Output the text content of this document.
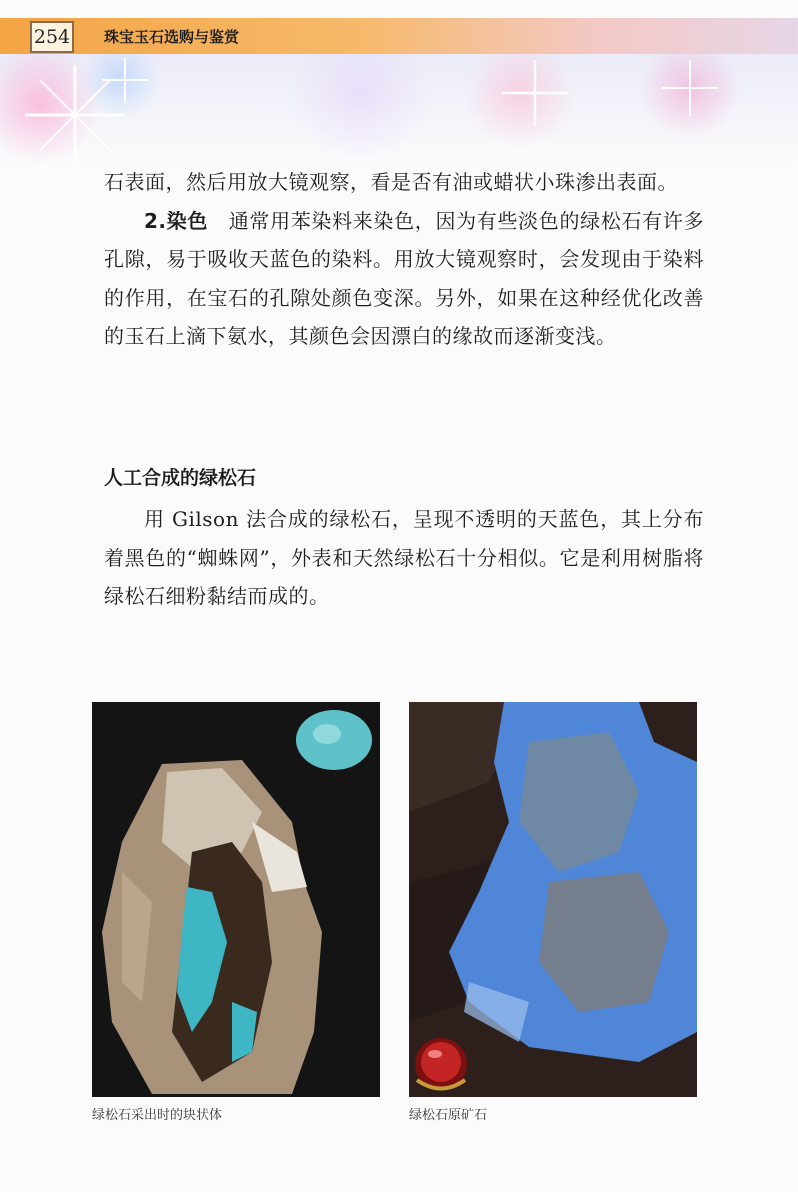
254 珠宝玉石选购与鉴赏

石表面，然后用放大镜观察，看是否有油或蜡状小珠渗出表面。

2.染色　 通常用苯染料来染色，因为有些淡色的绿松石有许多孔隙，易于吸收天蓝色的染料。用放大镜观察时，会发现由于染料的作用，在宝石的孔隙处颜色变深。另外，如果在这种经优化改善的玉石上滴下氨水，其颜色会因漂白的缘故而逐渐变浅。

人工合成的绿松石

用 Gilson 法合成的绿松石，呈现不透明的天蓝色，其上分布着黑色的“蜘蛛网”，外表和天然绿松石十分相似。它是利用树脂将绿松石细粉黏结而成的。

绿松石采出时的块状体	绿松石原矿石
